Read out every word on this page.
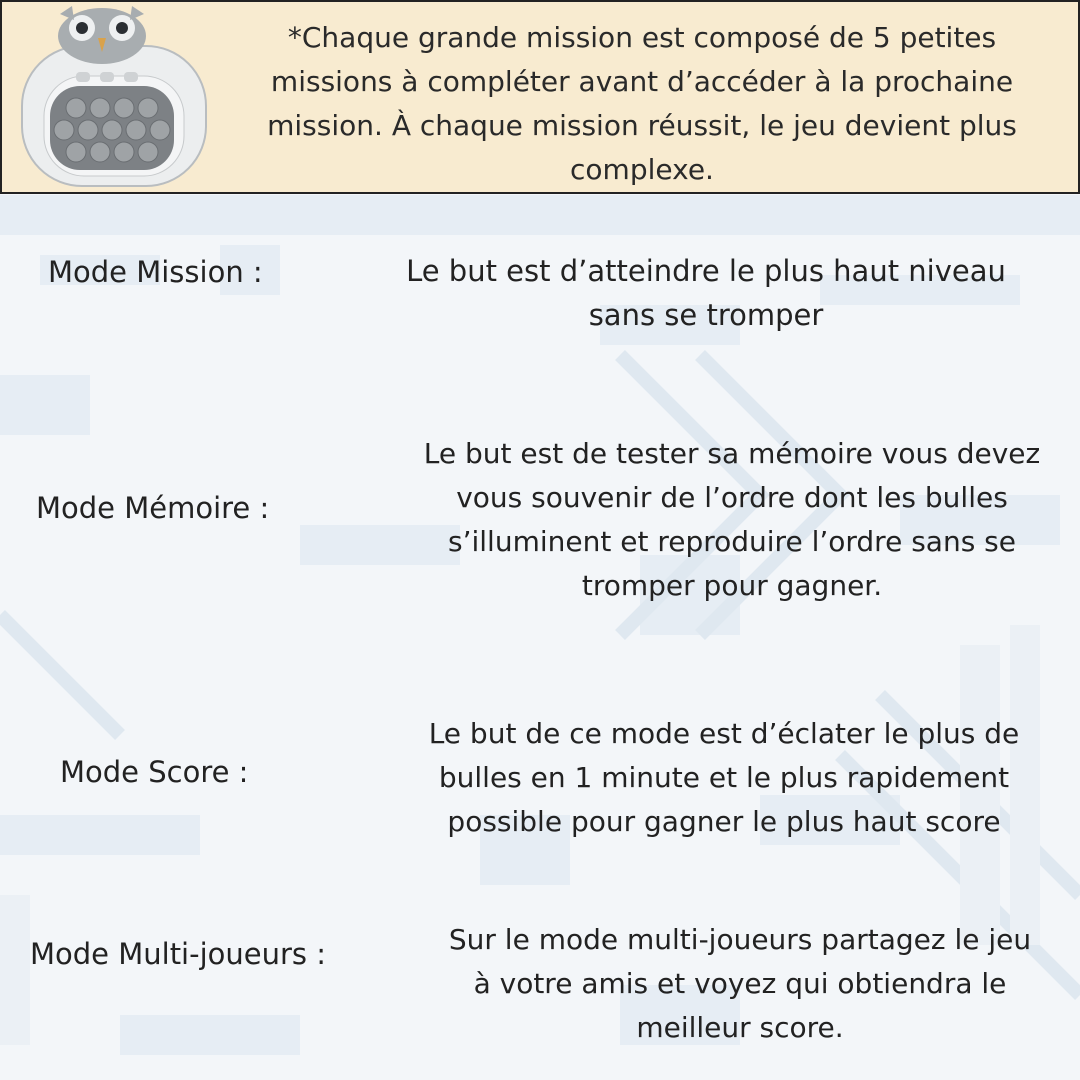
*Chaque grande mission est composé de 5 petites missions à compléter avant d’accéder à la prochaine mission. À chaque mission réussit, le jeu devient plus complexe.

Mode Mission :	Le but est d’atteindre le plus haut niveau sans se tromper

Mode Mémoire :

Le but est de tester sa mémoire vous devez vous souvenir de l’ordre dont les bulles s’illuminent et reproduire l’ordre sans se tromper pour gagner.

Mode Score :

Le but de ce mode est d’éclater le plus de bulles en 1 minute et le plus rapidement possible pour gagner le plus haut score

Mode Multi-joueurs :	Sur le mode multi-joueurs partagez le jeu à votre amis et voyez qui obtiendra le meilleur score.
